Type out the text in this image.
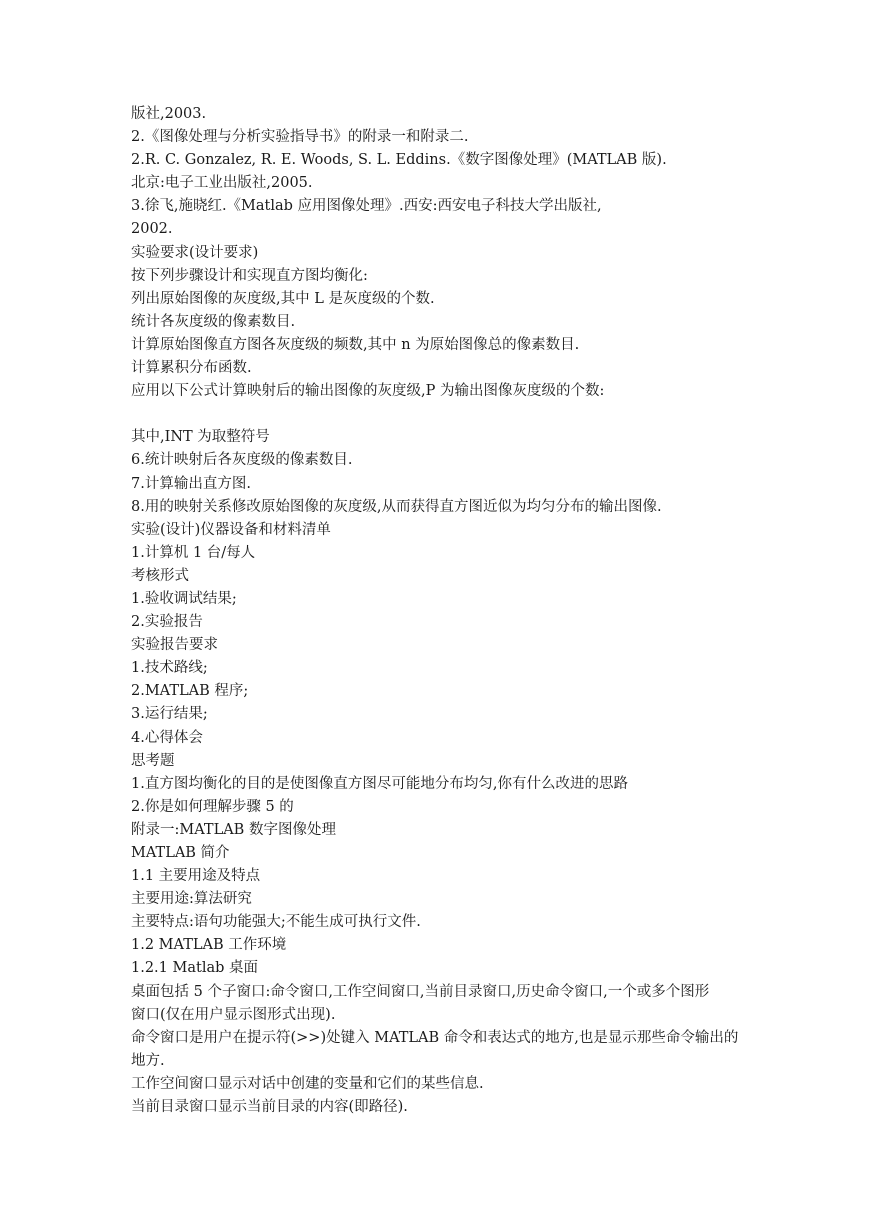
版社,2003.
2.《图像处理与分析实验指导书》的附录一和附录二.
2.R. C. Gonzalez, R. E. Woods, S. L. Eddins.《数字图像处理》(MATLAB 版).
北京:电子工业出版社,2005.
3.徐飞,施晓红.《Matlab 应用图像处理》.西安:西安电子科技大学出版社,
2002.
实验要求(设计要求)
按下列步骤设计和实现直方图均衡化:
列出原始图像的灰度级,其中 L 是灰度级的个数.
统计各灰度级的像素数目.
计算原始图像直方图各灰度级的频数,其中 n 为原始图像总的像素数目.
计算累积分布函数.
应用以下公式计算映射后的输出图像的灰度级,P 为输出图像灰度级的个数:
其中,INT 为取整符号
6.统计映射后各灰度级的像素数目.
7.计算输出直方图.
8.用的映射关系修改原始图像的灰度级,从而获得直方图近似为均匀分布的输出图像.
实验(设计)仪器设备和材料清单
1.计算机 1 台/每人
考核形式
1.验收调试结果;
2.实验报告
实验报告要求
1.技术路线;
2.MATLAB 程序;
3.运行结果;
4.心得体会
思考题
1.直方图均衡化的目的是使图像直方图尽可能地分布均匀,你有什么改进的思路
2.你是如何理解步骤 5 的
附录一:MATLAB 数字图像处理
MATLAB 简介
1.1 主要用途及特点
主要用途:算法研究
主要特点:语句功能强大;不能生成可执行文件.
1.2 MATLAB 工作环境
1.2.1 Matlab 桌面
桌面包括 5 个子窗口:命令窗口,工作空间窗口,当前目录窗口,历史命令窗口,一个或多个图形
窗口(仅在用户显示图形式出现).
命令窗口是用户在提示符(>>)处键入 MATLAB 命令和表达式的地方,也是显示那些命令输出的
地方.
工作空间窗口显示对话中创建的变量和它们的某些信息.
当前目录窗口显示当前目录的内容(即路径).
